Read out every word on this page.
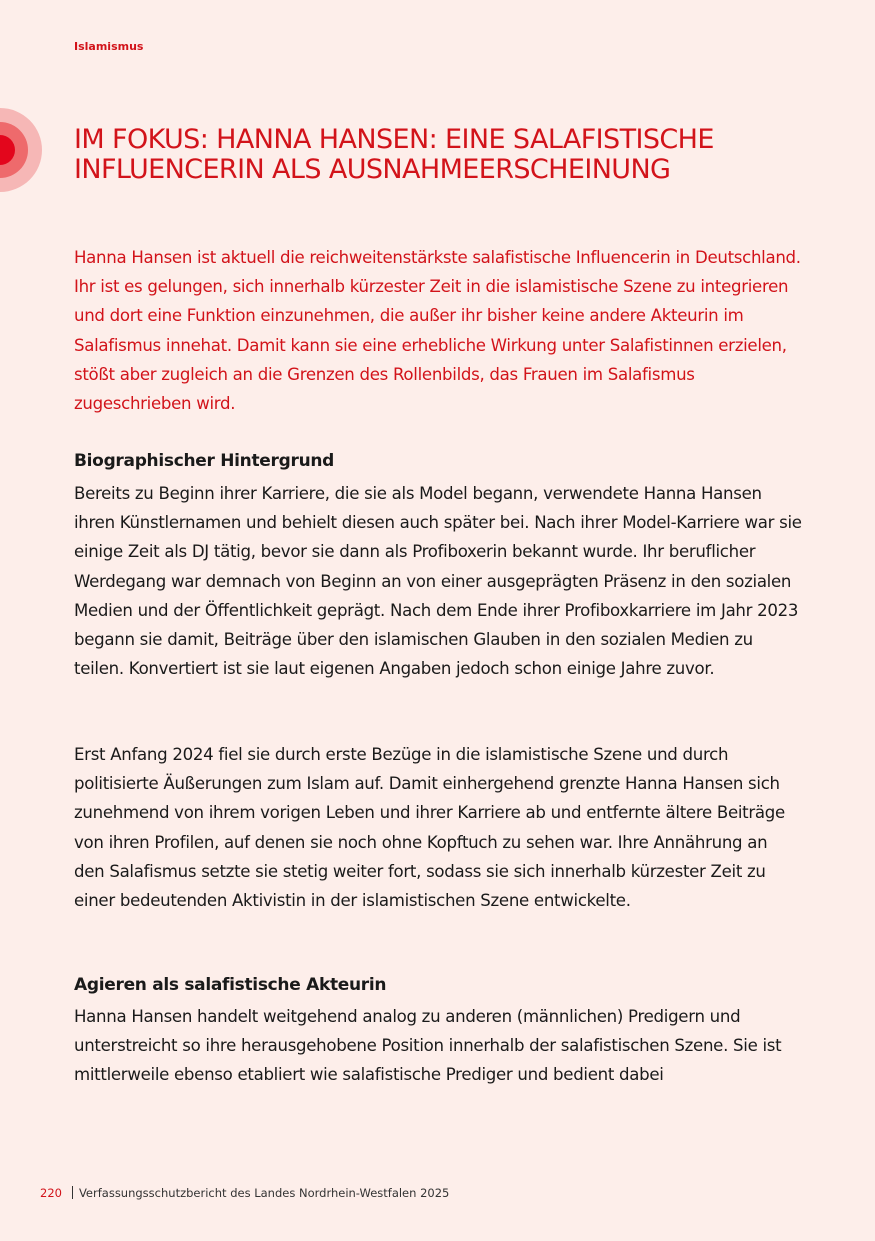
Islamismus
IM FOKUS: HANNA HANSEN: EINE SALAFISTISCHE INFLUENCERIN ALS AUSNAHMEERSCHEINUNG

Hanna Hansen ist aktuell die reichweitenstärkste salafistische Influencerin in Deutschland. Ihr ist es gelungen, sich innerhalb kürzester Zeit in die islamistische Szene zu integrieren und dort eine Funktion einzunehmen, die außer ihr bisher keine andere Akteurin im Salafismus innehat. Damit kann sie eine erhebliche Wirkung unter Salafistinnen erzielen, stößt aber zugleich an die Grenzen des Rollenbilds, das Frauen im Salafismus zugeschrieben wird.

Biographischer Hintergrund

Bereits zu Beginn ihrer Karriere, die sie als Model begann, verwendete Hanna Hansen ihren Künstlernamen und behielt diesen auch später bei. Nach ihrer Model-Karriere war sie einige Zeit als DJ tätig, bevor sie dann als Profiboxerin bekannt wurde. Ihr beruflicher Werdegang war demnach von Beginn an von einer ausgeprägten Präsenz in den sozialen Medien und der Öffentlichkeit geprägt. Nach dem Ende ihrer Profiboxkarriere im Jahr 2023 begann sie damit, Beiträge über den islamischen Glauben in den sozialen Medien zu teilen. Konvertiert ist sie laut eigenen Angaben jedoch schon einige Jahre zuvor.

Erst Anfang 2024 fiel sie durch erste Bezüge in die islamistische Szene und durch politisierte Äußerungen zum Islam auf. Damit einhergehend grenzte Hanna Hansen sich zunehmend von ihrem vorigen Leben und ihrer Karriere ab und entfernte ältere Beiträge von ihren Profilen, auf denen sie noch ohne Kopftuch zu sehen war. Ihre Annährung an den Salafismus setzte sie stetig weiter fort, sodass sie sich innerhalb kürzester Zeit zu einer bedeutenden Aktivistin in der islamistischen Szene entwickelte.

Agieren als salafistische Akteurin

Hanna Hansen handelt weitgehend analog zu anderen (männlichen) Predigern und unterstreicht so ihre herausgehobene Position innerhalb der salafistischen Szene. Sie ist mittlerweile ebenso etabliert wie salafistische Prediger und bedient dabei

220 Verfassungsschutzbericht des Landes Nordrhein-Westfalen 2025
